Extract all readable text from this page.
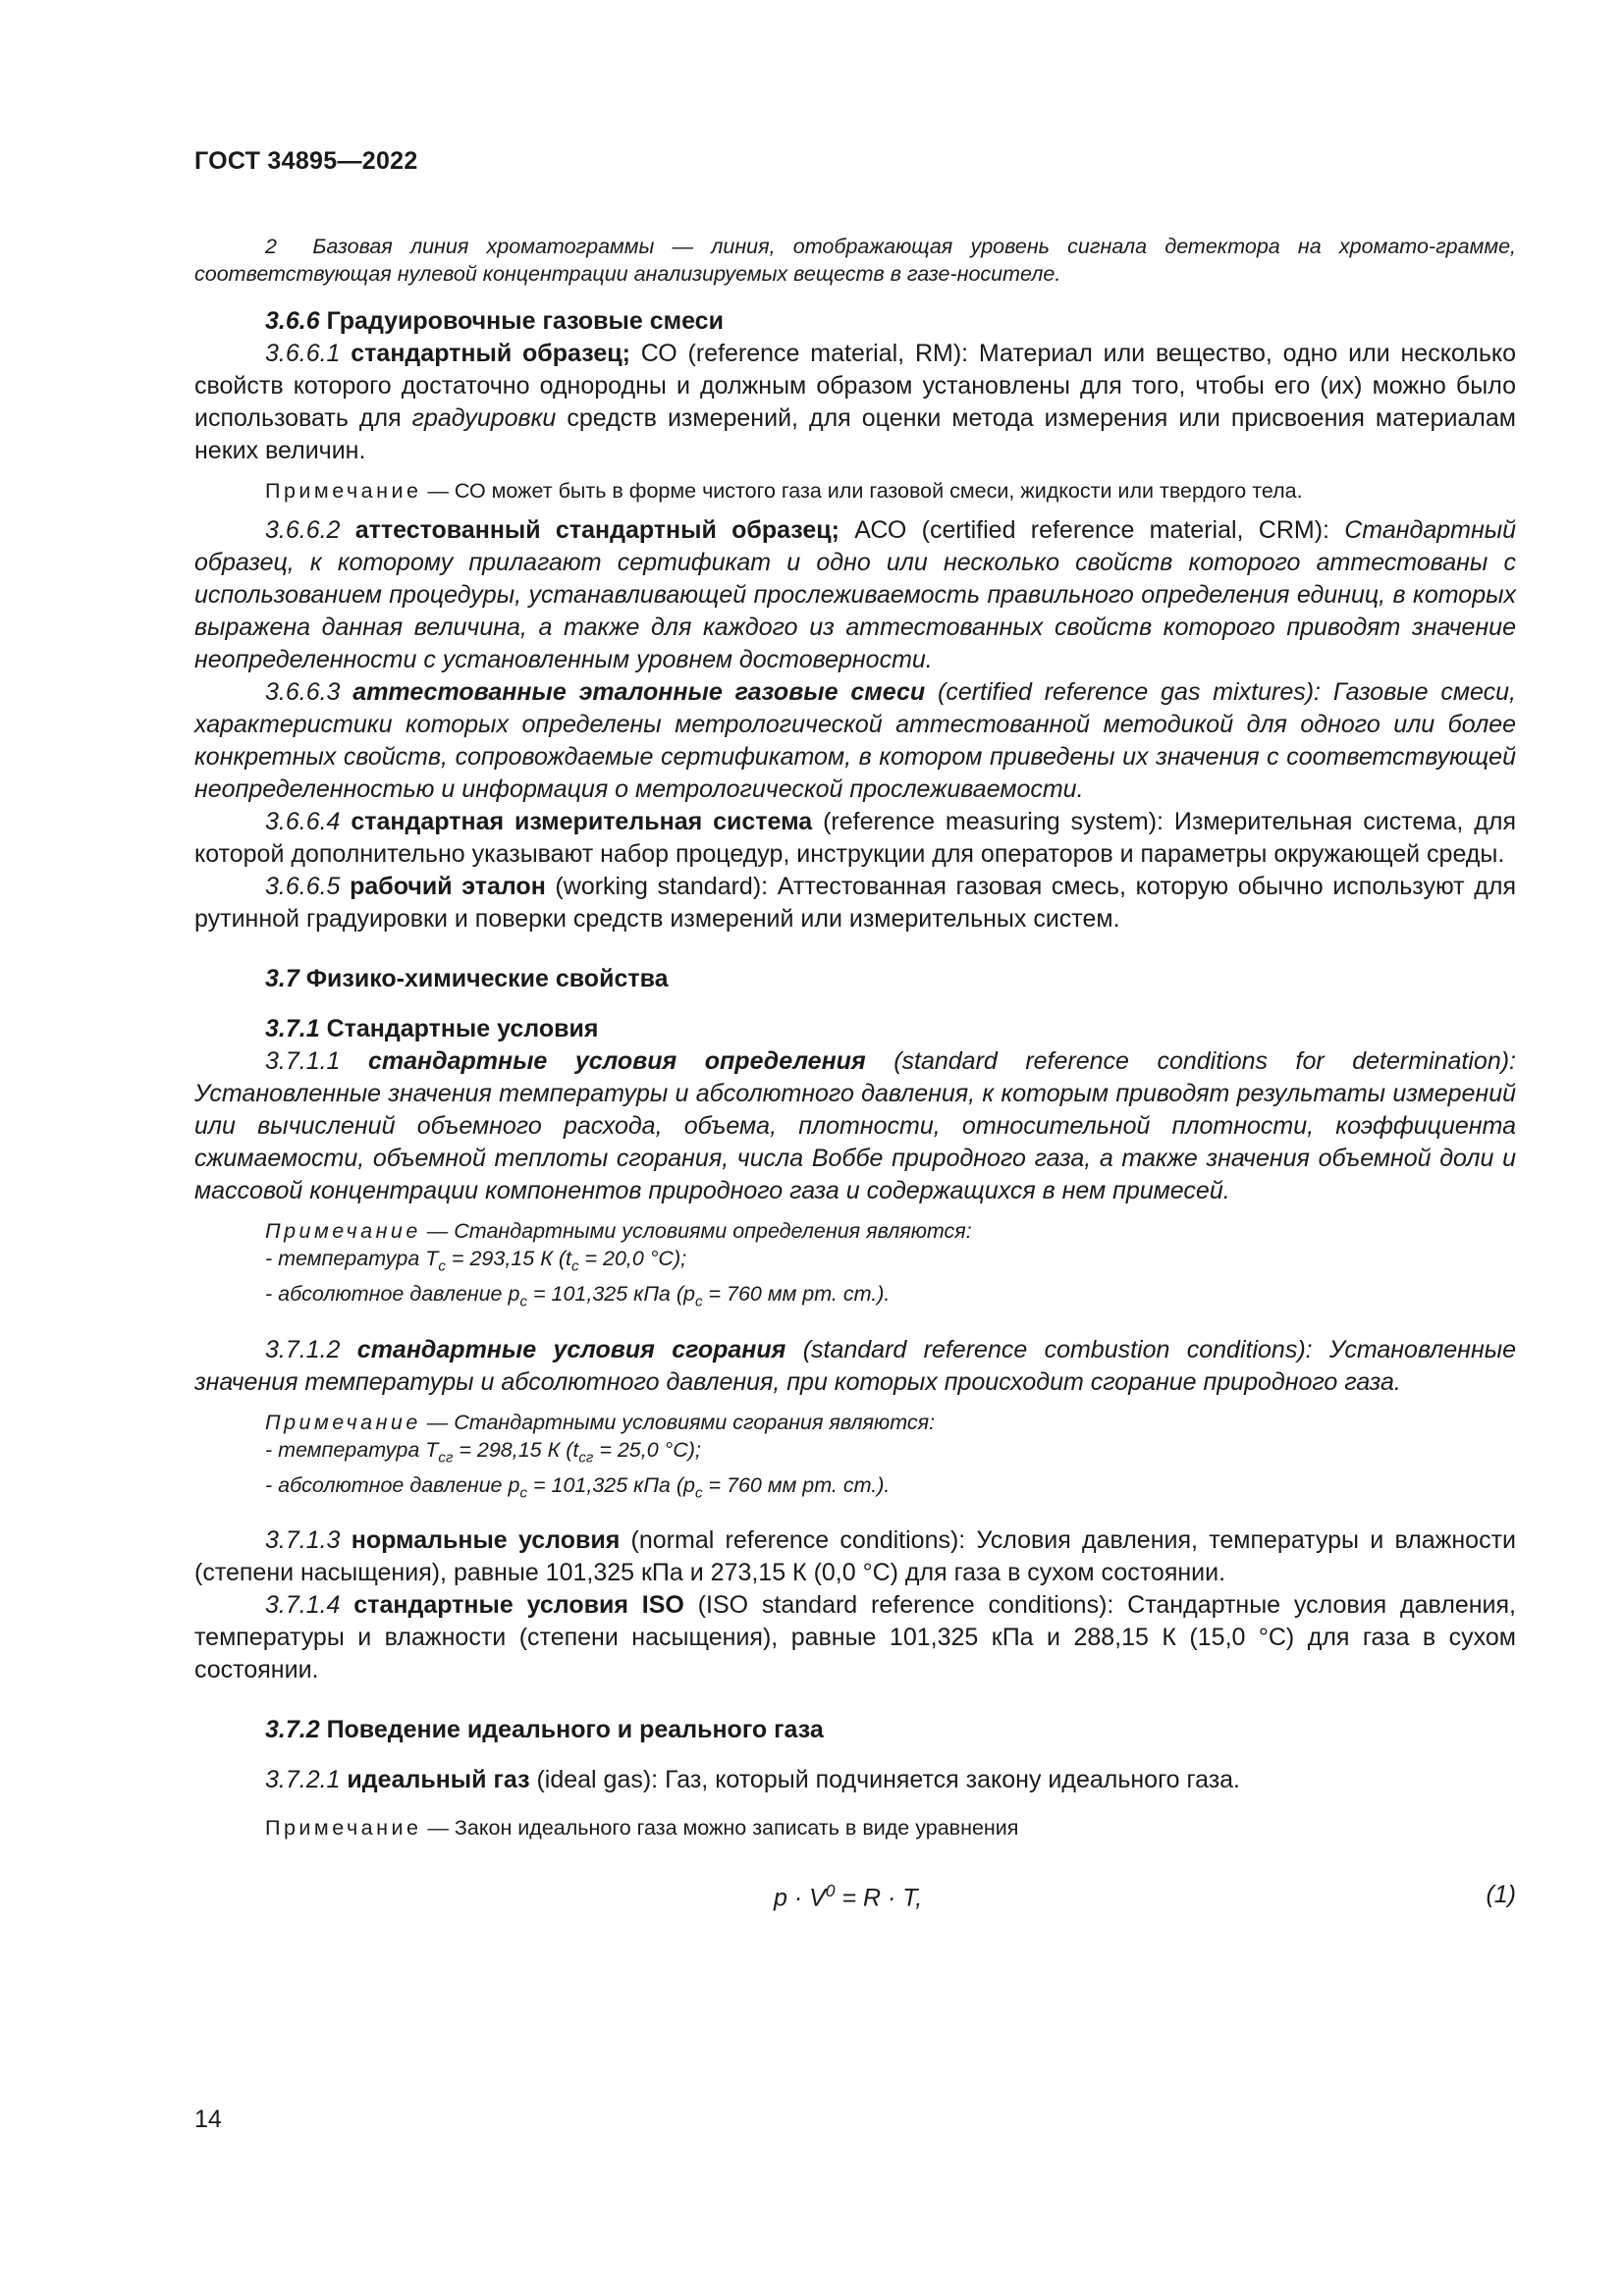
ГОСТ 34895—2022

2 Базовая линия хроматограммы — линия, отображающая уровень сигнала детектора на хромато-грамме, соответствующая нулевой концентрации анализируемых веществ в газе-носителе.

3.6.6 Градуировочные газовые смеси

3.6.6.1 стандартный образец; СО (reference material, RM): Материал или вещество, одно или несколько свойств которого достаточно однородны и должным образом установлены для того, чтобы его (их) можно было использовать для градуировки средств измерений, для оценки метода измерения или присвоения материалам неких величин.

Примечание — СО может быть в форме чистого газа или газовой смеси, жидкости или твердого тела.

3.6.6.2 аттестованный стандартный образец; АСО (certified reference material, CRM): Стандартный образец, к которому прилагают сертификат и одно или несколько свойств которого аттестованы с использованием процедуры, устанавливающей прослеживаемость правильного определения единиц, в которых выражена данная величина, а также для каждого из аттестованных свойств которого приводят значение неопределенности с установленным уровнем достоверности.

3.6.6.3 аттестованные эталонные газовые смеси (certified reference gas mixtures): Газовые смеси, характеристики которых определены метрологической аттестованной методикой для одного или более конкретных свойств, сопровождаемые сертификатом, в котором приведены их значения с соответствующей неопределенностью и информация о метрологической прослеживаемости.

3.6.6.4 стандартная измерительная система (reference measuring system): Измерительная система, для которой дополнительно указывают набор процедур, инструкции для операторов и параметры окружающей среды.

3.6.6.5 рабочий эталон (working standard): Аттестованная газовая смесь, которую обычно используют для рутинной градуировки и поверки средств измерений или измерительных систем.

3.7 Физико-химические свойства

3.7.1 Стандартные условия

3.7.1.1 стандартные условия определения (standard reference conditions for determination): Установленные значения температуры и абсолютного давления, к которым приводят результаты измерений или вычислений объемного расхода, объема, плотности, относительной плотности, коэффициента сжимаемости, объемной теплоты сгорания, числа Воббе природного газа, а также значения объемной доли и массовой концентрации компонентов природного газа и содержащихся в нем примесей.

Примечание — Стандартными условиями определения являются:

- температура $T_c = 293,15$ К ($t_c = 20,0$ °С);

- абсолютное давление $p_c = 101,325$ кПа ($p_c = 760$ мм рт. ст.).

3.7.1.2 стандартные условия сгорания (standard reference combustion conditions): Установленные значения температуры и абсолютного давления, при которых происходит сгорание природного газа.

Примечание — Стандартными условиями сгорания являются:

- температура $T_{сг} = 298,15$ К ($t_{сг} = 25,0$ °С);

- абсолютное давление $p_c = 101,325$ кПа ($p_c = 760$ мм рт. ст.).

3.7.1.3 нормальные условия (normal reference conditions): Условия давления, температуры и влажности (степени насыщения), равные 101,325 кПа и 273,15 К (0,0 °С) для газа в сухом состоянии.

3.7.1.4 стандартные условия ISO (ISO standard reference conditions): Стандартные условия давления, температуры и влажности (степени насыщения), равные 101,325 кПа и 288,15 К (15,0 °С) для газа в сухом состоянии.

3.7.2 Поведение идеального и реального газа

3.7.2.1 идеальный газ (ideal gas): Газ, который подчиняется закону идеального газа.

Примечание — Закон идеального газа можно записать в виде уравнения

$p \cdot V^0 = R \cdot T$,	(1)
14
